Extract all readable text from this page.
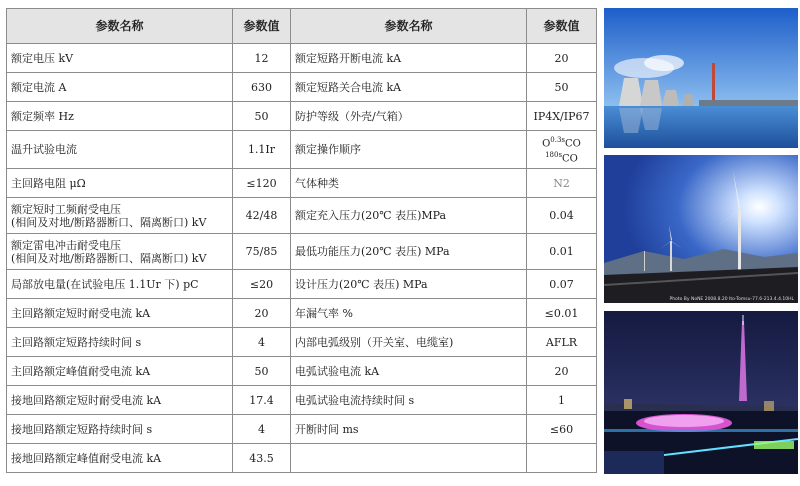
参数名称	参数值	参数名称	参数值
额定电压 kV	12	额定短路开断电流 kA	20
额定电流 A	630	额定短路关合电流 kA	50
额定频率 Hz	50	防护等级（外壳/气箱）	IP4X/IP67
温升试验电流	1.1Ir	额定操作顺序	$O^{0.3s}CO$
$^{180s}$CO
主回路电阻 μΩ	≤120	气体种类	N2

额定短时工频耐受电压
(相间及对地/断路器断口、隔离断口) kV	42/48	额定充入压力(20℃ 表压)MPa	0.04

额定雷电冲击耐受电压
(相间及对地/断路器断口、隔离断口) kV	75/85	最低功能压力(20℃ 表压) MPa	0.01
局部放电量(在试验电压 1.1Ur 下) pC	≤20	设计压力(20℃ 表压) MPa	0.07
主回路额定短时耐受电流 kA	20	年漏气率 %	≤0.01
主回路额定短路持续时间 s	4	内部电弧级别（开关室、电缆室)	AFLR
主回路额定峰值耐受电流 kA	50	电弧试验电流 kA	20
接地回路额定短时耐受电流 kA	17.4	电弧试验电流持续时间 s	1
接地回路额定短路持续时间 s	4	开断时间 ms	≤60
接地回路额定峰值耐受电流 kA	43.5		
Photo By NoNE 2008.8.20 Ito-Tomsu-77.6-213.4.4.10HL
